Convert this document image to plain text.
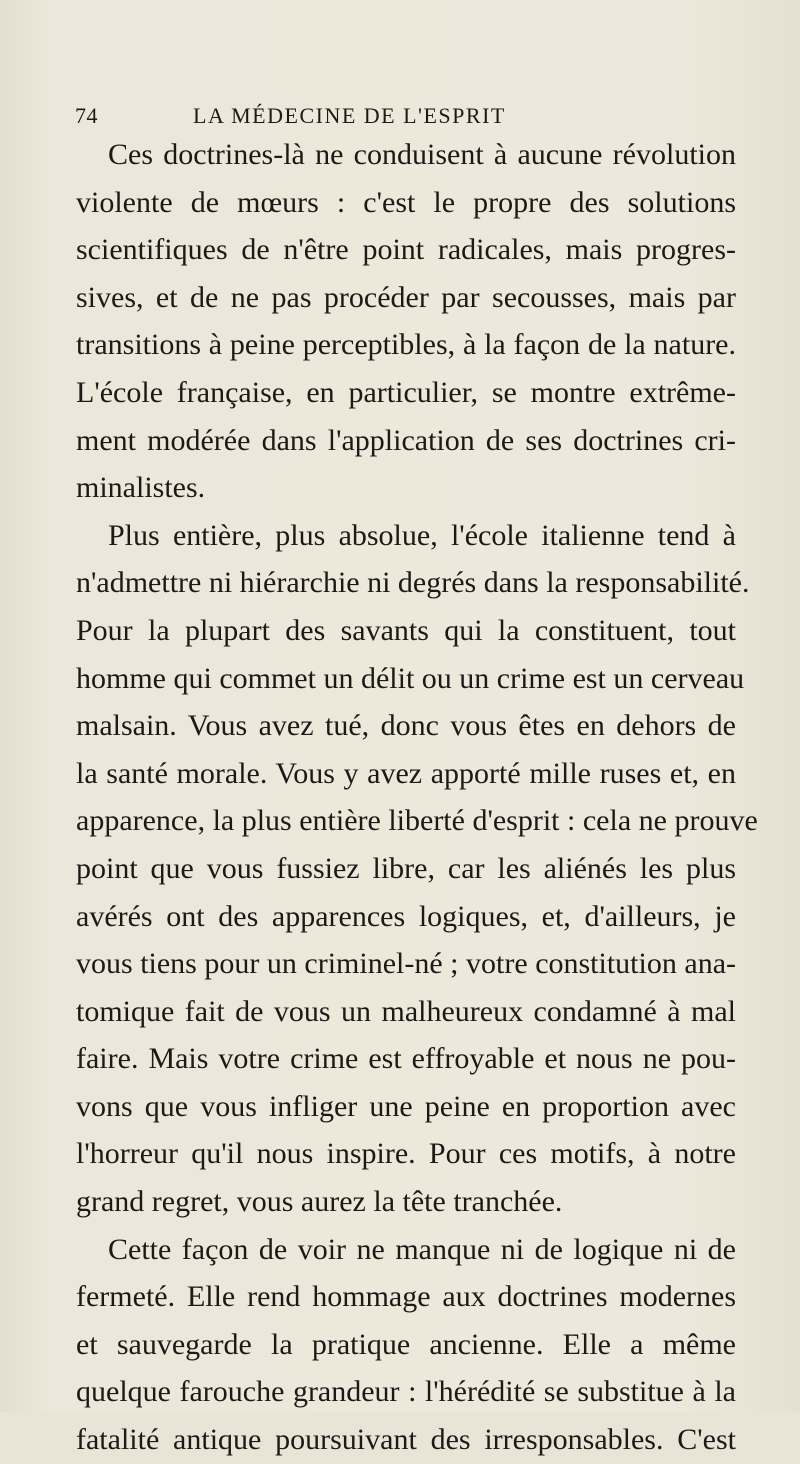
74	LA MÉDECINE DE L'ESPRIT
Ces doctrines-là ne conduisent à aucune révolution
violente de mœurs : c'est le propre des solutions
scientifiques de n'être point radicales, mais progres-
sives, et de ne pas procéder par secousses, mais par
transitions à peine perceptibles, à la façon de la nature.
L'école française, en particulier, se montre extrême-
ment modérée dans l'application de ses doctrines cri-
minalistes.
Plus entière, plus absolue, l'école italienne tend à
n'admettre ni hiérarchie ni degrés dans la responsabilité.
Pour la plupart des savants qui la constituent, tout
homme qui commet un délit ou un crime est un cerveau
malsain. Vous avez tué, donc vous êtes en dehors de
la santé morale. Vous y avez apporté mille ruses et, en
apparence, la plus entière liberté d'esprit : cela ne prouve
point que vous fussiez libre, car les aliénés les plus
avérés ont des apparences logiques, et, d'ailleurs, je
vous tiens pour un criminel-né ; votre constitution ana-
tomique fait de vous un malheureux condamné à mal
faire. Mais votre crime est effroyable et nous ne pou-
vons que vous infliger une peine en proportion avec
l'horreur qu'il nous inspire. Pour ces motifs, à notre
grand regret, vous aurez la tête tranchée.
Cette façon de voir ne manque ni de logique ni de
fermeté. Elle rend hommage aux doctrines modernes
et sauvegarde la pratique ancienne. Elle a même
quelque farouche grandeur : l'hérédité se substitue à la
fatalité antique poursuivant des irresponsables. C'est
